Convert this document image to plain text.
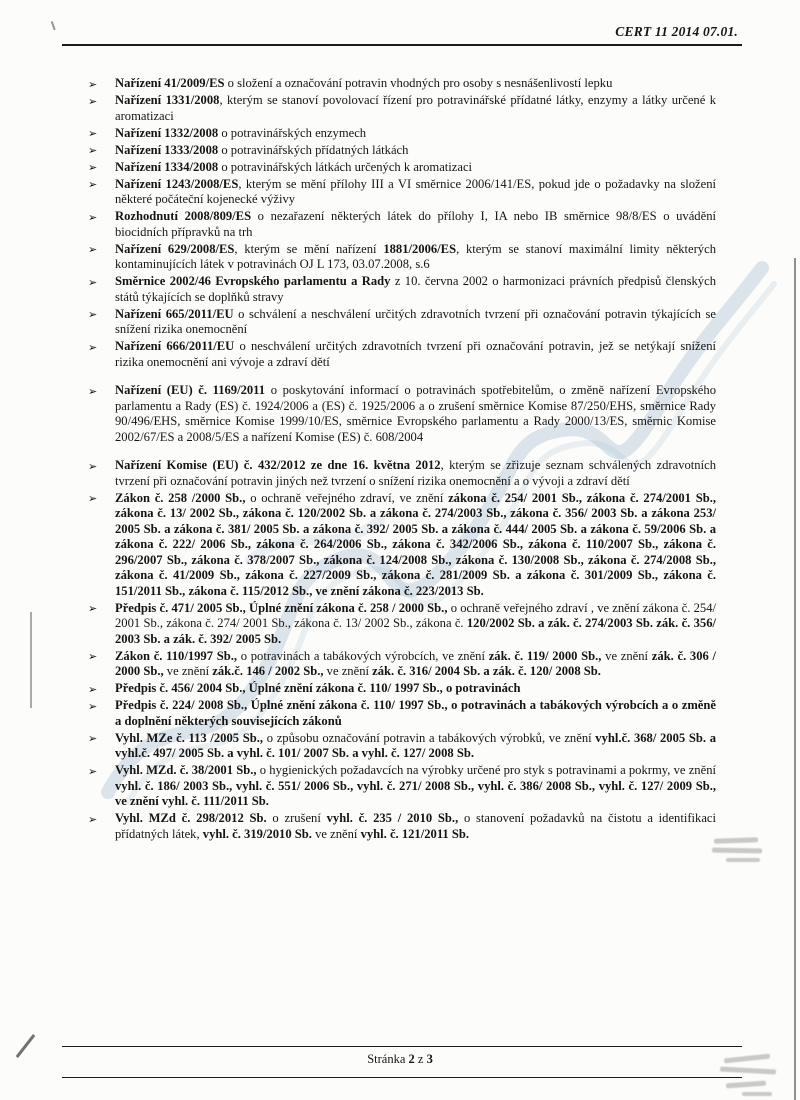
CERT 11 2014 07.01.
➢	Nařízení 41/2009/ES o složení a označování potravin vhodných pro osoby s nesnášenlivostí lepku
➢	Nařízení 1331/2008, kterým se stanoví povolovací řízení pro potravinářské přídatné látky, enzymy a látky určené k aromatizaci
➢	Nařízení 1332/2008 o potravinářských enzymech
➢	Nařízení 1333/2008 o potravinářských přídatných látkách
➢	Nařízení 1334/2008 o potravinářských látkách určených k aromatizaci
➢	Nařízení 1243/2008/ES, kterým se mění přílohy III a VI směrnice 2006/141/ES, pokud jde o požadavky na složení některé počáteční kojenecké výživy
➢	Rozhodnutí 2008/809/ES o nezařazení některých látek do přílohy I, IA nebo IB směrnice 98/8/ES o uvádění biocidních přípravků na trh
➢	Nařízení 629/2008/ES, kterým se mění nařízení 1881/2006/ES, kterým se stanoví maximální limity některých kontaminujících látek v potravinách OJ L 173, 03.07.2008, s.6
➢	Směrnice 2002/46 Evropského parlamentu a Rady z 10. června 2002 o harmonizaci právních předpisů členských států týkajících se doplňků stravy
➢	Nařízení 665/2011/EU o schválení a neschválení určitých zdravotních tvrzení při označování potravin týkajících se snížení rizika onemocnění
➢	Nařízení 666/2011/EU o neschválení určitých zdravotních tvrzení při označování potravin, jež se netýkají snížení rizika onemocnění ani vývoje a zdraví dětí
➢	Nařízení (EU) č. 1169/2011 o poskytování informací o potravinách spotřebitelům, o změně nařízení Evropského parlamentu a Rady (ES) č. 1924/2006 a (ES) č. 1925/2006 a o zrušení směrnice Komise 87/250/EHS, směrnice Rady 90/496/EHS, směrnice Komise 1999/10/ES, směrnice Evropského parlamentu a Rady 2000/13/ES, směrnic Komise 2002/67/ES a 2008/5/ES a nařízení Komise (ES) č. 608/2004
➢	Nařízení Komise (EU) č. 432/2012 ze dne 16. května 2012, kterým se zřizuje seznam schválených zdravotních tvrzení při označování potravin jiných než tvrzení o snížení rizika onemocnění a o vývoji a zdraví dětí
➢	Zákon č. 258 /2000 Sb., o ochraně veřejného zdraví, ve znění zákona č. 254/ 2001 Sb., zákona č. 274/2001 Sb., zákona č. 13/ 2002 Sb., zákona č. 120/2002 Sb. a zákona č. 274/2003 Sb., zákona č. 356/ 2003 Sb. a zákona 253/ 2005 Sb. a zákona č. 381/ 2005 Sb. a zákona č. 392/ 2005 Sb. a zákona č. 444/ 2005 Sb. a zákona č. 59/2006 Sb. a zákona č. 222/ 2006 Sb., zákona č. 264/2006 Sb., zákona č. 342/2006 Sb., zákona č. 110/2007 Sb., zákona č. 296/2007 Sb., zákona č. 378/2007 Sb., zákona č. 124/2008 Sb., zákona č. 130/2008 Sb., zákona č. 274/2008 Sb., zákona č. 41/2009 Sb., zákona č. 227/2009 Sb., zákona č. 281/2009 Sb. a zákona č. 301/2009 Sb., zákona č. 151/2011 Sb., zákona č. 115/2012 Sb., ve znění zákona č. 223/2013 Sb.
➢	Předpis č. 471/ 2005 Sb., Úplné znění zákona č. 258 / 2000 Sb., o ochraně veřejného zdraví , ve znění zákona č. 254/ 2001 Sb., zákona č. 274/ 2001 Sb., zákona č. 13/ 2002 Sb., zákona č. 120/2002 Sb. a zák. č. 274/2003 Sb. zák. č. 356/ 2003 Sb. a zák. č. 392/ 2005 Sb.
➢	Zákon č. 110/1997 Sb., o potravinách a tabákových výrobcích, ve znění zák. č. 119/ 2000 Sb., ve znění zák. č. 306 / 2000 Sb., ve znění zák.č. 146 / 2002 Sb., ve znění zák. č. 316/ 2004 Sb. a zák. č. 120/ 2008 Sb.
➢	Předpis č. 456/ 2004 Sb., Úplné znění zákona č. 110/ 1997 Sb., o potravinách
➢	Předpis č. 224/ 2008 Sb., Úplné znění zákona č. 110/ 1997 Sb., o potravinách a tabákových výrobcích a o změně a doplnění některých souvisejících zákonů
➢	Vyhl. MZe č. 113 /2005 Sb., o způsobu označování potravin a tabákových výrobků, ve znění vyhl.č. 368/ 2005 Sb. a vyhl.č. 497/ 2005 Sb. a vyhl. č. 101/ 2007 Sb. a vyhl. č. 127/ 2008 Sb.
➢	Vyhl. MZd. č. 38/2001 Sb., o hygienických požadavcích na výrobky určené pro styk s potravinami a pokrmy, ve znění vyhl. č. 186/ 2003 Sb., vyhl. č. 551/ 2006 Sb., vyhl. č. 271/ 2008 Sb., vyhl. č. 386/ 2008 Sb., vyhl. č. 127/ 2009 Sb., ve znění vyhl. č. 111/2011 Sb.
➢	Vyhl. MZd č. 298/2012 Sb. o zrušení vyhl. č. 235 / 2010 Sb., o stanovení požadavků na čistotu a identifikaci přídatných látek, vyhl. č. 319/2010 Sb. ve znění vyhl. č. 121/2011 Sb.
Stránka 2 z 3
